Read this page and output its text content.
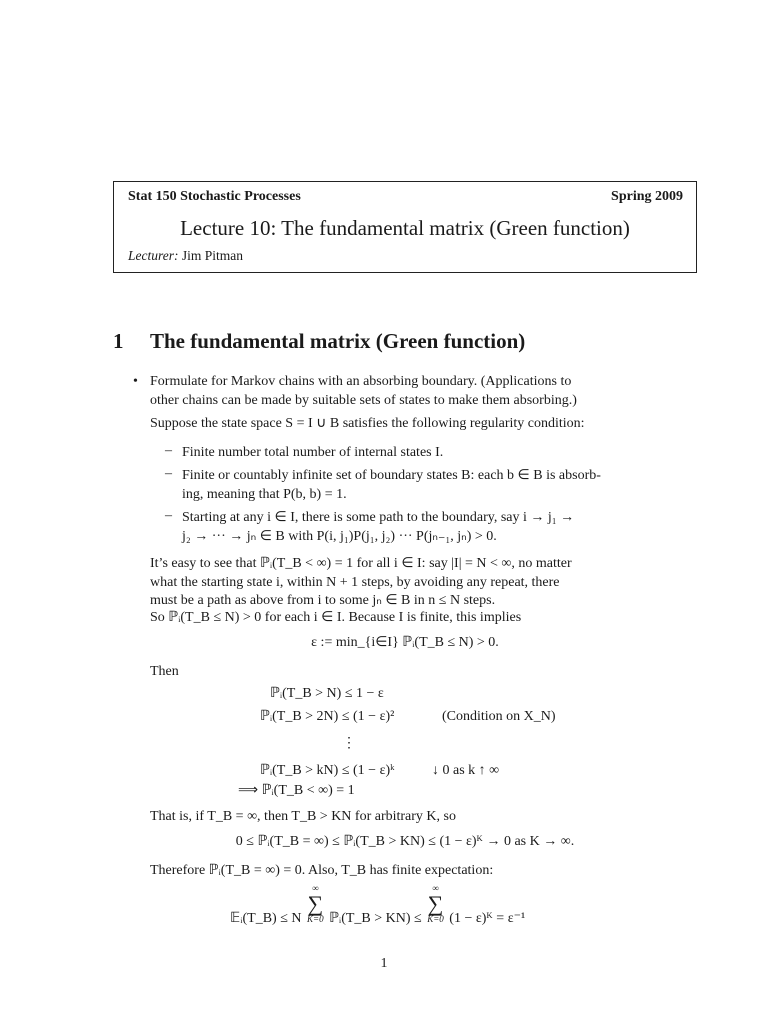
Stat 150 Stochastic Processes	Spring 2009
Lecture 10: The fundamental matrix (Green function)
Lecturer: Jim Pitman
1 The fundamental matrix (Green function)
• Formulate for Markov chains with an absorbing boundary. (Applications to
other chains can be made by suitable sets of states to make them absorbing.)
Suppose the state space S = I ∪ B satisfies the following regularity condition:
– Finite number total number of internal states I.
– Finite or countably infinite set of boundary states B: each b ∈ B is absorb-
ing, meaning that P(b, b) = 1.
– Starting at any i ∈ I, there is some path to the boundary, say i → j₁ →
j₂ → ··· → jₙ ∈ B with P(i, j₁)P(j₁, j₂) ··· P(jₙ₋₁, jₙ) > 0.
It’s easy to see that ℙᵢ(T_B < ∞) = 1 for all i ∈ I: say |I| = N < ∞, no matter
what the starting state i, within N + 1 steps, by avoiding any repeat, there
must be a path as above from i to some jₙ ∈ B in n ≤ N steps.
So ℙᵢ(T_B ≤ N) > 0 for each i ∈ I. Because I is finite, this implies
ε := min_{i∈I} ℙᵢ(T_B ≤ N) > 0.
Then
ℙᵢ(T_B > N) ≤ 1 − ε
ℙᵢ(T_B > 2N) ≤ (1 − ε)²	(Condition on X_N)
⋮
ℙᵢ(T_B > kN) ≤ (1 − ε)ᵏ	↓ 0 as k ↑ ∞
⟹ ℙᵢ(T_B < ∞) = 1
That is, if T_B = ∞, then T_B > KN for arbitrary K, so
0 ≤ ℙᵢ(T_B = ∞) ≤ ℙᵢ(T_B > KN) ≤ (1 − ε)ᴷ → 0 as K → ∞.
Therefore ℙᵢ(T_B = ∞) = 0. Also, T_B has finite expectation:
𝔼ᵢ(T_B) ≤ N
∞
∑
K=0 ℙᵢ(T_B > KN) ≤
∞
∑
K=0 (1 − ε)ᴷ = ε⁻¹
1
